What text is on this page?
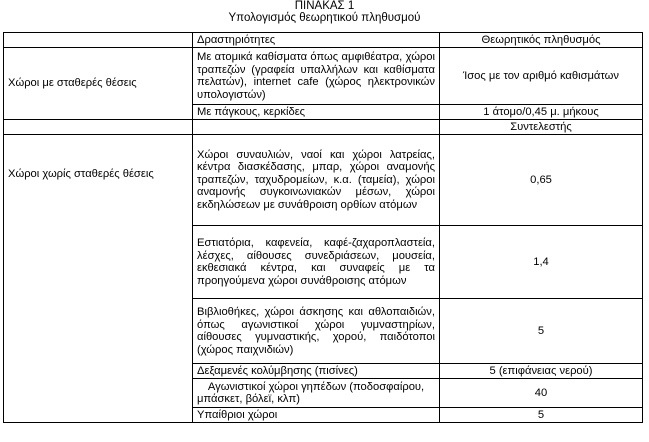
ΠΙΝΑΚΑΣ 1
Υπολογισμός θεωρητικού πληθυσμού
	Δραστηριότητες	Θεωρητικός πληθυσμός
Χώροι με σταθερές θέσεις	Με ατομικά καθίσματα όπως αμφιθέατρα, χώροι τραπεζών (γραφεία υπαλλήλων και καθίσματα πελατών), internet cafe (χώρος ηλεκτρονικών υπολογιστών)	Ίσος με τον αριθμό καθισμάτων
	Με πάγκους, κερκίδες	1 άτομο/0,45 μ. μήκους
		Συντελεστής
Χώροι χωρίς σταθερές θέσεις	Χώροι συναυλιών, ναοί και χώροι λατρείας, κέντρα διασκέδασης, μπαρ, χώροι αναμονής τραπεζών, ταχυδρομείων, κ.α. (ταμεία), χώροι αναμονής συγκοινωνιακών μέσων, χώροι εκδηλώσεων με συνάθροιση ορθίων ατόμων	0,65
	Εστιατόρια, καφενεία, καφέ-ζαχαροπλαστεία, λέσχες, αίθουσες συνεδριάσεων, μουσεία, εκθεσιακά κέντρα, και συναφείς με τα προηγούμενα χώροι συνάθροισης ατόμων	1,4
	Βιβλιοθήκες, χώροι άσκησης και αθλοπαιδιών, όπως αγωνιστικοί χώροι γυμναστηρίων, αίθουσες γυμναστικής, χορού, παιδότοποι (χώρος παιχνιδιών)	5
	Δεξαμενές κολύμβησης (πισίνες)	5 (επιφάνειας νερού)
	Αγωνιστικοί χώροι γηπέδων (ποδοσφαίρου, μπάσκετ, βόλεϊ, κλπ)	40
	Υπαίθριοι χώροι	5
